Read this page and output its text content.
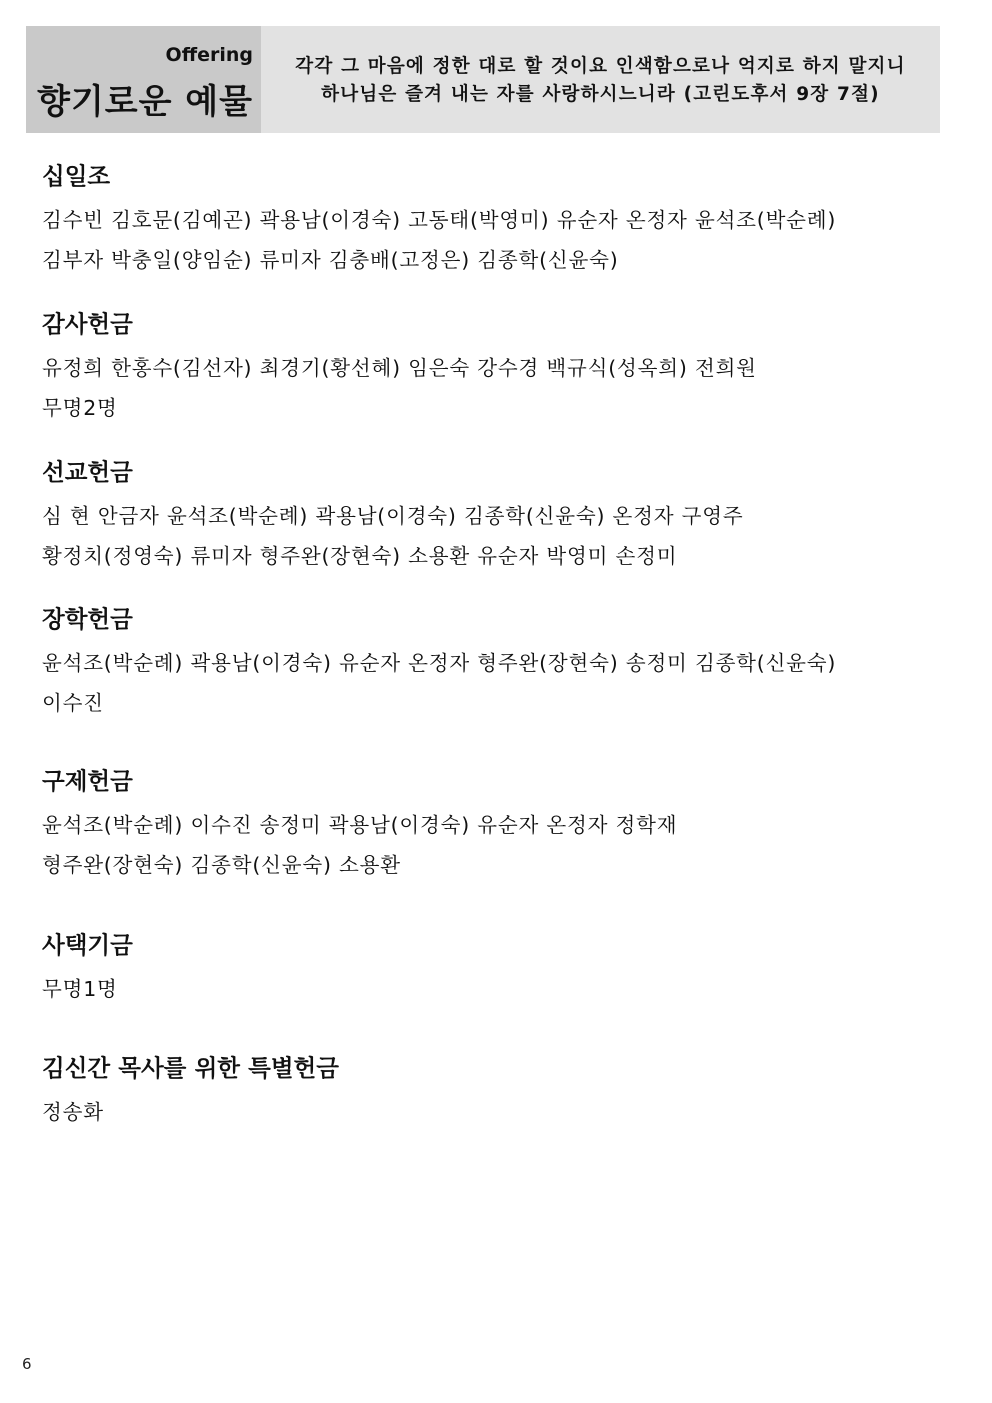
Offering
향기로운 예물
각각 그 마음에 정한 대로 할 것이요 인색함으로나 억지로 하지 말지니
하나님은 즐겨 내는 자를 사랑하시느니라 (고린도후서 9장 7절)
십일조
김수빈 김호문(김예곤) 곽용남(이경숙) 고동태(박영미) 유순자 온정자 윤석조(박순례)
김부자 박충일(양임순) 류미자 김충배(고정은) 김종학(신윤숙)
감사헌금
유정희 한홍수(김선자) 최경기(황선혜) 임은숙 강수경 백규식(성옥희) 전희원
무명2명
선교헌금
심 현 안금자 윤석조(박순례) 곽용남(이경숙) 김종학(신윤숙) 온정자 구영주
황정치(정영숙) 류미자 형주완(장현숙) 소용환 유순자 박영미 손정미
장학헌금
윤석조(박순례) 곽용남(이경숙) 유순자 온정자 형주완(장현숙) 송정미 김종학(신윤숙)
이수진
구제헌금
윤석조(박순례) 이수진 송정미 곽용남(이경숙) 유순자 온정자 정학재
형주완(장현숙) 김종학(신윤숙) 소용환
사택기금
무명1명
김신간 목사를 위한 특별헌금
정송화
6
